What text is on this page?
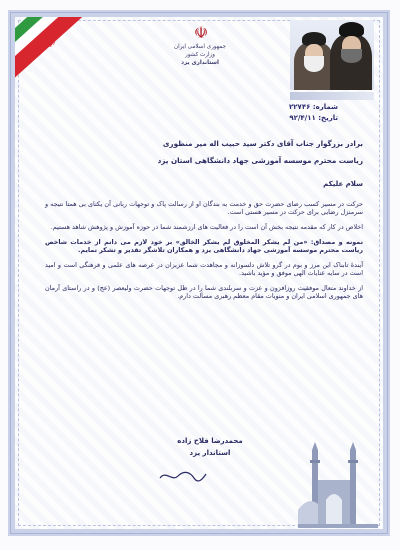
☫
☫
جمهوری اسلامی ایران
وزارت کشور
استانداری یزد
شماره: ۲۲۷۴۶
تاریخ: ۹۲/۴/۱۱
برادر بزرگوار جناب آقای دکتر سید حبیب اله میر منظوری
ریاست محترم موسسه آموزشی جهاد دانشگاهی استان یزد
سلام علیکم

حرکت در مسیر کسب رضای حضرت حق و خدمت به بندگان او از رسالت پاک و توجهات ربانی آن یکتای بی همتا نتیجه و سرمنزل رضایی برای حرکت در مسیر هستی است.

اخلاص در کار که مقدمه نتیجه بخش آن است را در فعالیت های ارزشمند شما در حوزه آموزش و پژوهش شاهد هستیم.

نمونه و مصداق: «من لم یشکر المخلوق لم یشکر الخالق» بر خود لازم می دانم از خدمات شاخص ریاست محترم موسسه آموزشی جهاد دانشگاهی یزد و همکاران تلاشگر تقدیر و تشکر نمایم.

آیندهٔ تابناک این مرز و بوم در گرو تلاش دلسوزانه و مجاهدت شما عزیزان در عرصه های علمی و فرهنگی است و امید است در سایه عنایات الهی موفق و مؤید باشید.

از خداوند متعال موفقیت روزافزون و عزت و سربلندی شما را در ظل توجهات حضرت ولیعصر (عج) و در راستای آرمان های جمهوری اسلامی ایران و منویات مقام معظم رهبری مسألت دارم.

محمدرضا فلاح زاده
استاندار یزد
